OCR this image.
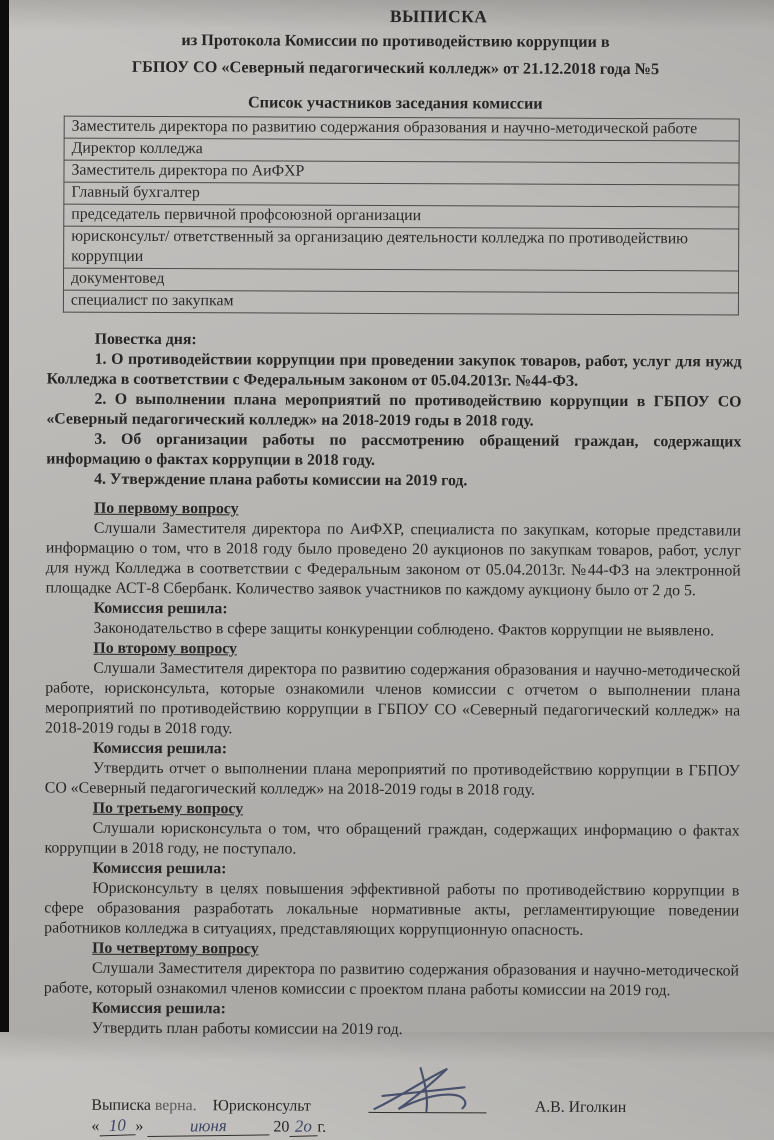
ВЫПИСКА
из Протокола Комиссии по противодействию коррупции в
ГБПОУ СО «Северный педагогический колледж» от 21.12.2018 года №5
Список участников заседания комиссии
Заместитель директора по развитию содержания образования и научно-методической работе
Директор колледжа
Заместитель директора по АиФХР
Главный бухгалтер
председатель первичной профсоюзной организации
юрисконсульт/ ответственный за организацию деятельности колледжа по противодействию коррупции
документовед
специалист по закупкам

Повестка дня:

1. О противодействии коррупции при проведении закупок товаров, работ, услуг для нужд Колледжа в соответствии с Федеральным законом от 05.04.2013г. №44-ФЗ.

2. О выполнении плана мероприятий по противодействию коррупции в ГБПОУ СО «Северный педагогический колледж» на 2018-2019 годы в 2018 году.

3. Об организации работы по рассмотрению обращений граждан, содержащих информацию о фактах коррупции в 2018 году.

4. Утверждение плана работы комиссии на 2019 год.

По первому вопросу

Слушали Заместителя директора по АиФХР, специалиста по закупкам, которые представили информацию о том, что в 2018 году было проведено 20 аукционов по закупкам товаров, работ, услуг для нужд Колледжа в соответствии с Федеральным законом от 05.04.2013г. №44-ФЗ на электронной площадке АСТ-8 Сбербанк. Количество заявок участников по каждому аукциону было от 2 до 5.

Комиссия решила:

Законодательство в сфере защиты конкуренции соблюдено. Фактов коррупции не выявлено.

По второму вопросу

Слушали Заместителя директора по развитию содержания образования и научно-методической работе, юрисконсульта, которые ознакомили членов комиссии с отчетом о выполнении плана мероприятий по противодействию коррупции в ГБПОУ СО «Северный педагогический колледж» на 2018-2019 годы в 2018 году.

Комиссия решила:

Утвердить отчет о выполнении плана мероприятий по противодействию коррупции в ГБПОУ СО «Северный педагогический колледж» на 2018-2019 годы в 2018 году.

По третьему вопросу

Слушали юрисконсульта о том, что обращений граждан, содержащих информацию о фактах коррупции в 2018 году, не поступало.

Комиссия решила:

Юрисконсульту в целях повышения эффективной работы по противодействию коррупции в сфере образования разработать локальные нормативные акты, регламентирующие поведении работников колледжа в ситуациях, представляющих коррупционную опасность.

По четвертому вопросу

Слушали Заместителя директора по развитию содержания образования и научно-методической работе, который ознакомил членов комиссии с проектом плана работы комиссии на 2019 год.

Комиссия решила:

Утвердить план работы комиссии на 2019 год.

Выписка
верна. Юрисконсульт	А.В. Иголкин
« 10 »	июня	20 2о г.
